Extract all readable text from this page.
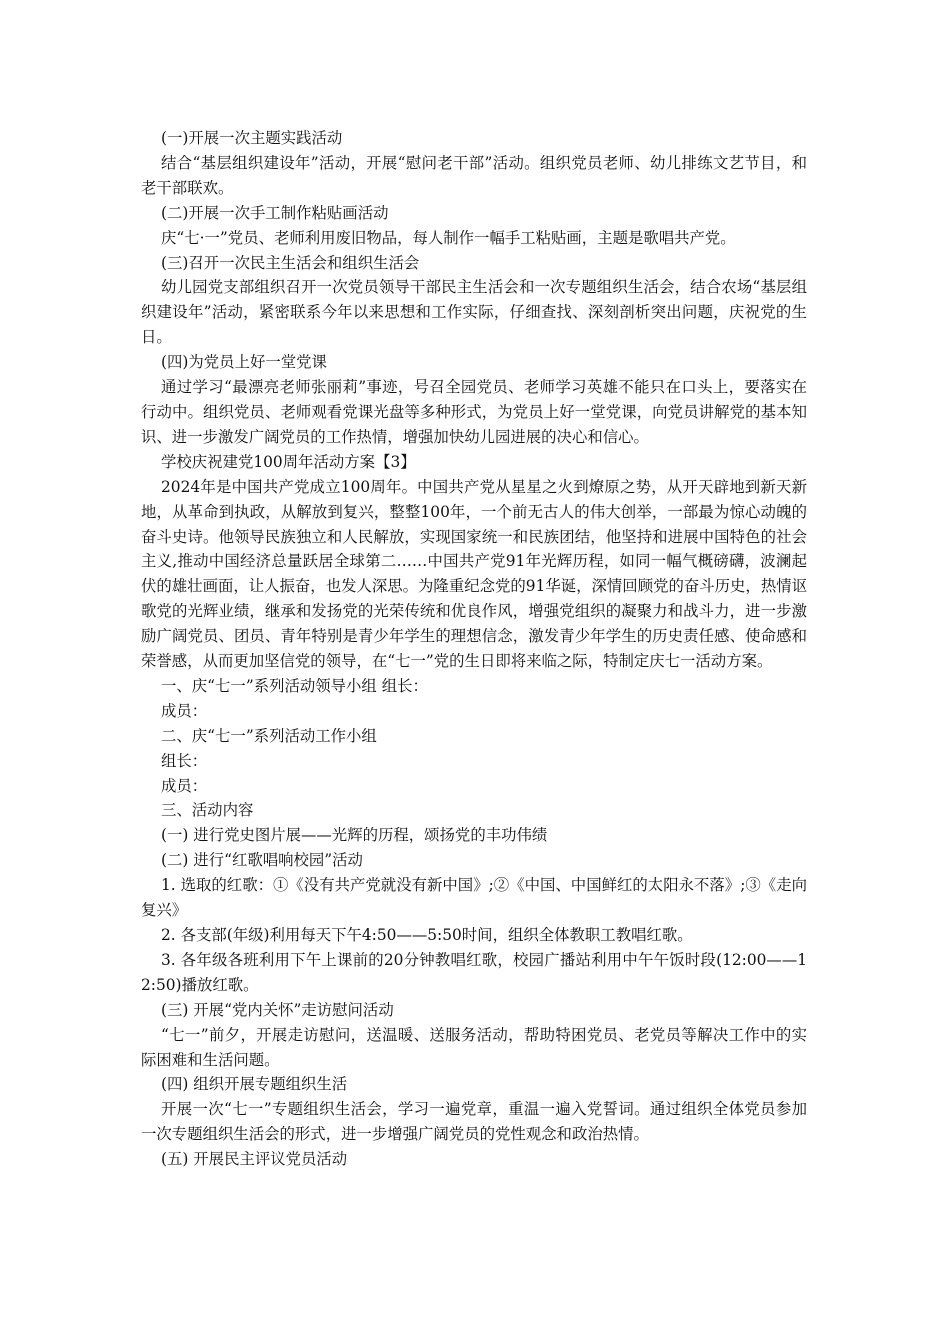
(一)开展一次主题实践活动

结合“基层组织建设年”活动，开展“慰问老干部”活动。组织党员老师、幼儿排练文艺节目，和老干部联欢。

(二)开展一次手工制作粘贴画活动

庆“七·一”党员、老师利用废旧物品，每人制作一幅手工粘贴画，主题是歌唱共产党。

(三)召开一次民主生活会和组织生活会

幼儿园党支部组织召开一次党员领导干部民主生活会和一次专题组织生活会，结合农场“基层组织建设年”活动，紧密联系今年以来思想和工作实际，仔细查找、深刻剖析突出问题，庆祝党的生日。

(四)为党员上好一堂党课

通过学习“最漂亮老师张丽莉”事迹，号召全园党员、老师学习英雄不能只在口头上，要落实在行动中。组织党员、老师观看党课光盘等多种形式，为党员上好一堂党课，向党员讲解党的基本知识、进一步激发广阔党员的工作热情，增强加快幼儿园进展的决心和信心。

学校庆祝建党100周年活动方案【3】

2024年是中国共产党成立100周年。中国共产党从星星之火到燎原之势，从开天辟地到新天新地，从革命到执政，从解放到复兴，整整100年，一个前无古人的伟大创举，一部最为惊心动魄的奋斗史诗。他领导民族独立和人民解放，实现国家统一和民族团结，他坚持和进展中国特色的社会主义,推动中国经济总量跃居全球第二……中国共产党91年光辉历程，如同一幅气概磅礴，波澜起伏的雄壮画面，让人振奋，也发人深思。为隆重纪念党的91华诞，深情回顾党的奋斗历史，热情讴歌党的光辉业绩，继承和发扬党的光荣传统和优良作风，增强党组织的凝聚力和战斗力，进一步激励广阔党员、团员、青年特别是青少年学生的理想信念，激发青少年学生的历史责任感、使命感和荣誉感，从而更加坚信党的领导，在“七一”党的生日即将来临之际，特制定庆七一活动方案。

一、庆“七一”系列活动领导小组 组长：

成员：

二、庆“七一”系列活动工作小组

组长：

成员：

三、活动内容

(一) 进行党史图片展——光辉的历程，颂扬党的丰功伟绩

(二) 进行“红歌唱响校园”活动

1. 选取的红歌：①《没有共产党就没有新中国》;②《中国、中国鲜红的太阳永不落》;③《走向复兴》

2. 各支部(年级)利用每天下午4:50——5:50时间，组织全体教职工教唱红歌。

3. 各年级各班利用下午上课前的20分钟教唱红歌，校园广播站利用中午午饭时段(12:00——12:50)播放红歌。

(三) 开展“党内关怀”走访慰问活动

“七一”前夕，开展走访慰问，送温暖、送服务活动，帮助特困党员、老党员等解决工作中的实际困难和生活问题。

(四) 组织开展专题组织生活

开展一次“七一”专题组织生活会，学习一遍党章，重温一遍入党誓词。通过组织全体党员参加一次专题组织生活会的形式，进一步增强广阔党员的党性观念和政治热情。

(五) 开展民主评议党员活动
